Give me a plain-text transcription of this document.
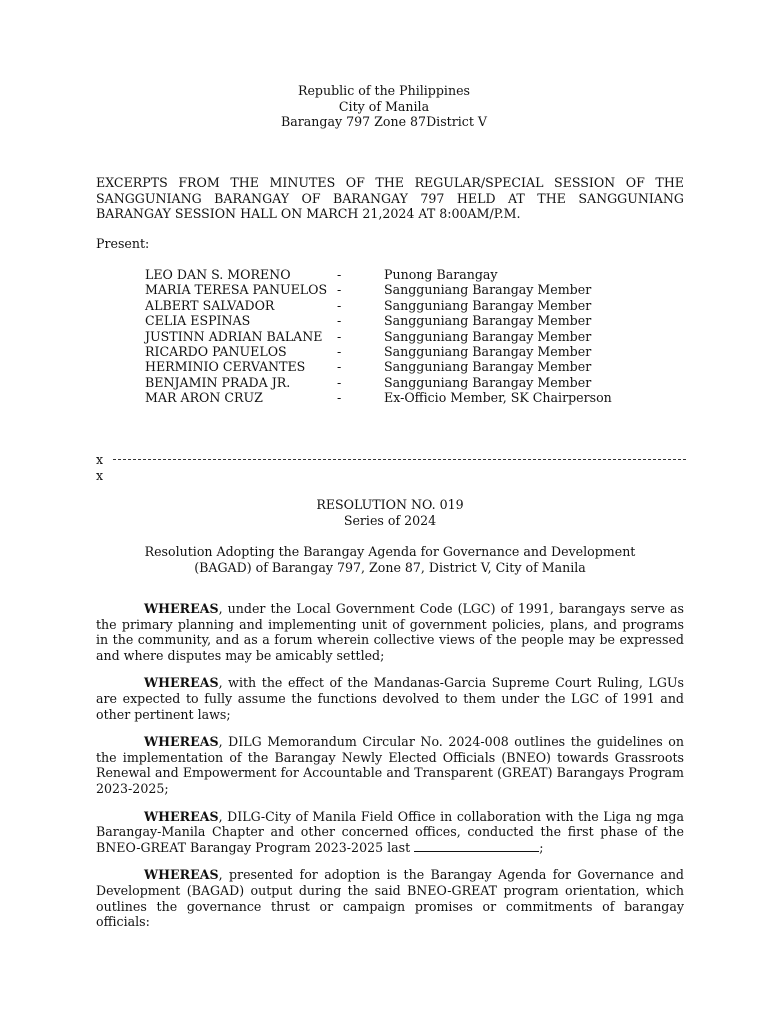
Republic of the Philippines
City of Manila
Barangay 797 Zone 87District V
EXCERPTS FROM THE MINUTES OF THE REGULAR/SPECIAL SESSION OF THE SANGGUNIANG BARANGAY OF BARANGAY 797 HELD AT THE SANGGUNIANG BARANGAY SESSION HALL ON MARCH 21,2024 AT 8:00AM/P.M.
Present:
LEO DAN S. MORENO	-	Punong Barangay
MARIA TERESA PANUELOS -	Sangguniang Barangay Member
ALBERT SALVADOR	-	Sangguniang Barangay Member
CELIA ESPINAS	-	Sangguniang Barangay Member
JUSTINN ADRIAN BALANE -	Sangguniang Barangay Member
RICARDO PANUELOS	-	Sangguniang Barangay Member
HERMINIO CERVANTES	-	Sangguniang Barangay Member
BENJAMIN PRADA JR.	-	Sangguniang Barangay Member
MAR ARON CRUZ	-	Ex-Officio Member, SK Chairperson
x
x
RESOLUTION NO. 019
Series of 2024
Resolution Adopting the Barangay Agenda for Governance and Development
(BAGAD) of Barangay 797, Zone 87, District V, City of Manila

WHEREAS, under the Local Government Code (LGC) of 1991, barangays serve as the primary planning and implementing unit of government policies, plans, and programs in the community, and as a forum wherein collective views of the people may be expressed and where disputes may be amicably settled;

WHEREAS, with the effect of the Mandanas-Garcia Supreme Court Ruling, LGUs are expected to fully assume the functions devolved to them under the LGC of 1991 and other pertinent laws;

WHEREAS, DILG Memorandum Circular No. 2024-008 outlines the guidelines on the implementation of the Barangay Newly Elected Officials (BNEO) towards Grassroots Renewal and Empowerment for Accountable and Transparent (GREAT) Barangays Program 2023-2025;

WHEREAS, DILG-City of Manila Field Office in collaboration with the Liga ng mga Barangay-Manila Chapter and other concerned offices, conducted the first phase of the BNEO-GREAT Barangay Program 2023-2025 last	;

WHEREAS, presented for adoption is the Barangay Agenda for Governance and Development (BAGAD) output during the said BNEO-GREAT program orientation, which outlines the governance thrust or campaign promises or commitments of barangay officials:
